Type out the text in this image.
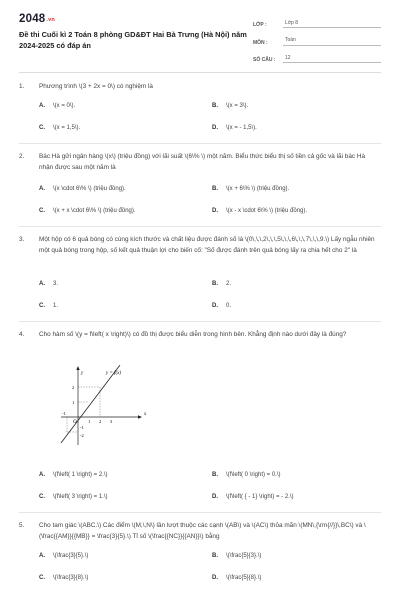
2048.vn
Đề thi Cuối kì 2 Toán 8 phòng GD&ĐT Hai Bà Trưng (Hà Nội) năm 2024-2025 có đáp án
LỚP :	Lớp 8
MÔN :	Toán
SỐ CÂU :	12
1. Phương trình \(3 + 2x = 0\) có nghiệm là
A. \(x = 0\).	B. \(x = 3\).
C. \(x = 1,5\).	D. \(x = - 1,5\).
2. Bác Hà gửi ngân hàng \(x\) (triệu đồng) với lãi suất \(6\% \) một năm. Biểu thức biểu thị số tiền cả gốc và lãi bác Hà nhận được sau một năm là
A. \(x \cdot 6\% \) (triệu đồng).	B. \(x + 6\% \) (triệu đồng).
C. \(x + x \cdot 6\% \) (triệu đồng).	D. \(x - x \cdot 6\% \) (triệu đồng).
3. Một hộp có 6 quả bóng có cùng kích thước và chất liệu được đánh số là \(0\,\,\,2\,\,\,5\,\,\,6\,\,\,7\,\,\,9.\) Lấy ngẫu nhiên một quả bóng trong hộp, số kết quả thuận lợi cho biến cố: "Số được đánh trên quả bóng lấy ra chia hết cho 2" là
A. 3.	B. 2.
C. 1.	D. 0.
4. Cho hàm số \(y = f\left( x \right)\) có đồ thị được biểu diễn trong hình bên. Khẳng định nào dưới đây là đúng?
y	y = f(x)
x
O
-1
1 2 3
2
1
-1
-2
A. \(f\left( 1 \right) = 2.\)	B. \(f\left( 0 \right) = 0.\)
C. \(f\left( 3 \right) = 1.\)	D. \(f\left( { - 1} \right) = - 2.\)
5. Cho tam giác \(ABC.\) Các điểm \(M,\,N\) lần lượt thuộc các cạnh \(AB\) và \(AC\) thỏa mãn \(MN\,{\rm{//}}\,BC\) và \(\frac{{AM}}{{MB}} = \frac{3}{5}.\) Tỉ số \(\frac{{NC}}{{AN}}\) bằng
A. \(\frac{3}{5}.\)	B. \(\frac{5}{3}.\)
C. \(\frac{3}{8}.\)	D. \(\frac{5}{8}.\)
